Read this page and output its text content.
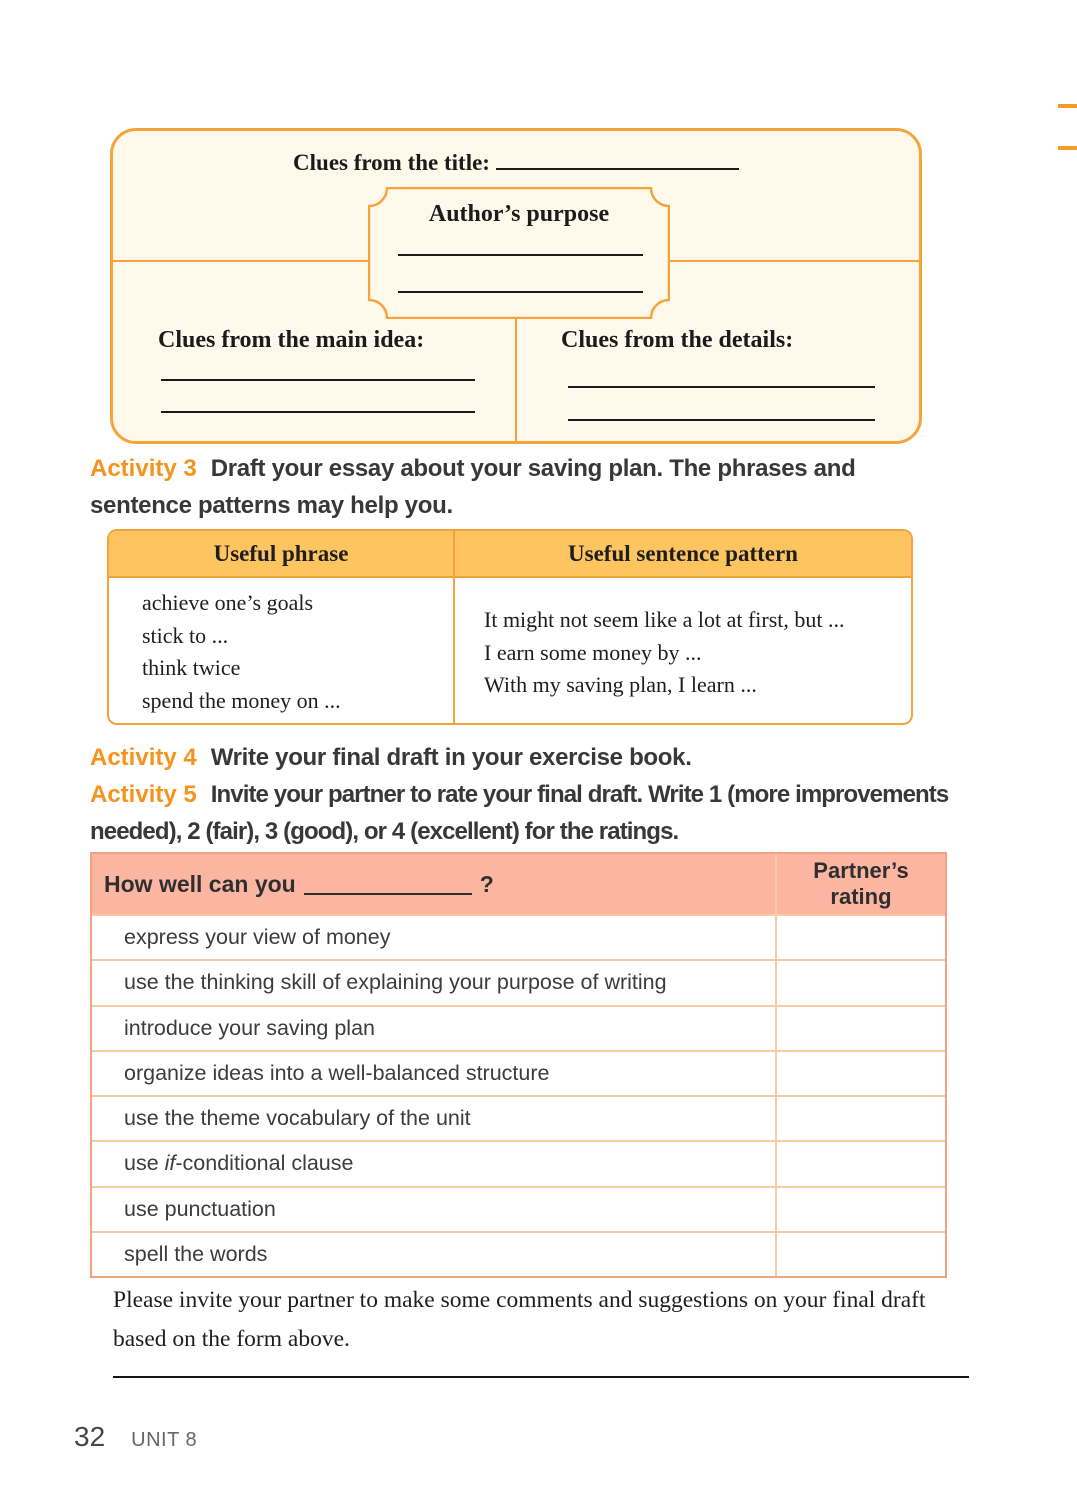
Clues from the title:
Author’s purpose
Clues from the main idea:	Clues from the details:

Activity 3 Draft your essay about your saving plan. The phrases and
sentence patterns may help you.

Useful phrase	Useful sentence pattern
achieve one’s goals
stick to ...
think twice
spend the money on ...
It might not seem like a lot at first, but ...
I earn some money by ...
With my saving plan, I learn ...

Activity 4 Write your final draft in your exercise book.

Activity 5 Invite your partner to rate your final draft. Write 1 (more improvements
needed), 2 (fair), 3 (good), or 4 (excellent) for the ratings.

How well can you	?	Partner’s
rating
express your view of money
use the thinking skill of explaining your purpose of writing
introduce your saving plan
organize ideas into a well-balanced structure
use the theme vocabulary of the unit
use if-conditional clause
use punctuation
spell the words

Please invite your partner to make some comments and suggestions on your final draft
based on the form above.

32 UNIT 8
